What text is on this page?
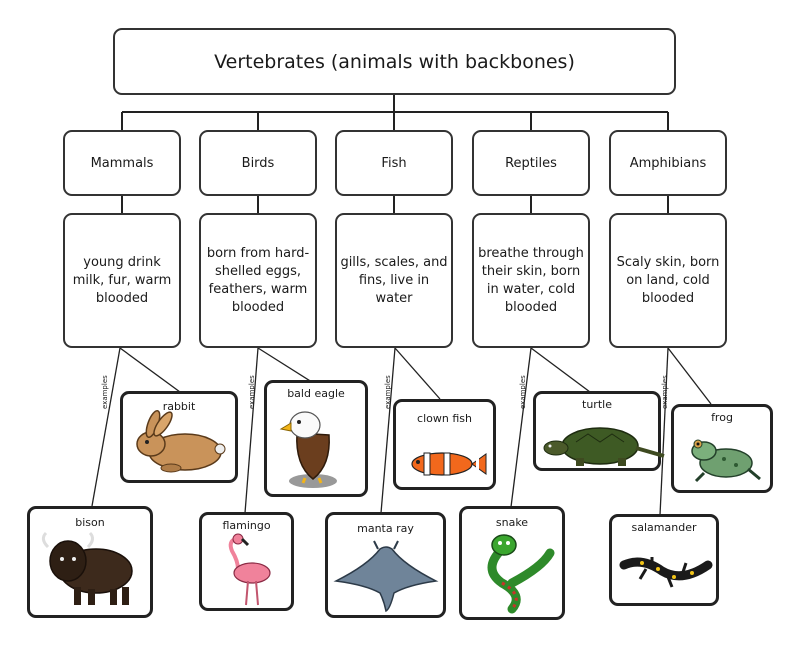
examples	examples	examples	examples	examples
Vertebrates (animals with backbones)
Mammals	Birds	Fish	Reptiles	Amphibians
young drink milk, fur, warm blooded
born from hard-shelled eggs, feathers, warm blooded
gills, scales, and fins, live in water
breathe through their skin, born in water, cold blooded
Scaly skin, born on land, cold blooded
rabbit
bison
bald eagle
flamingo
clown fish
manta ray
turtle
snake
frog
salamander
